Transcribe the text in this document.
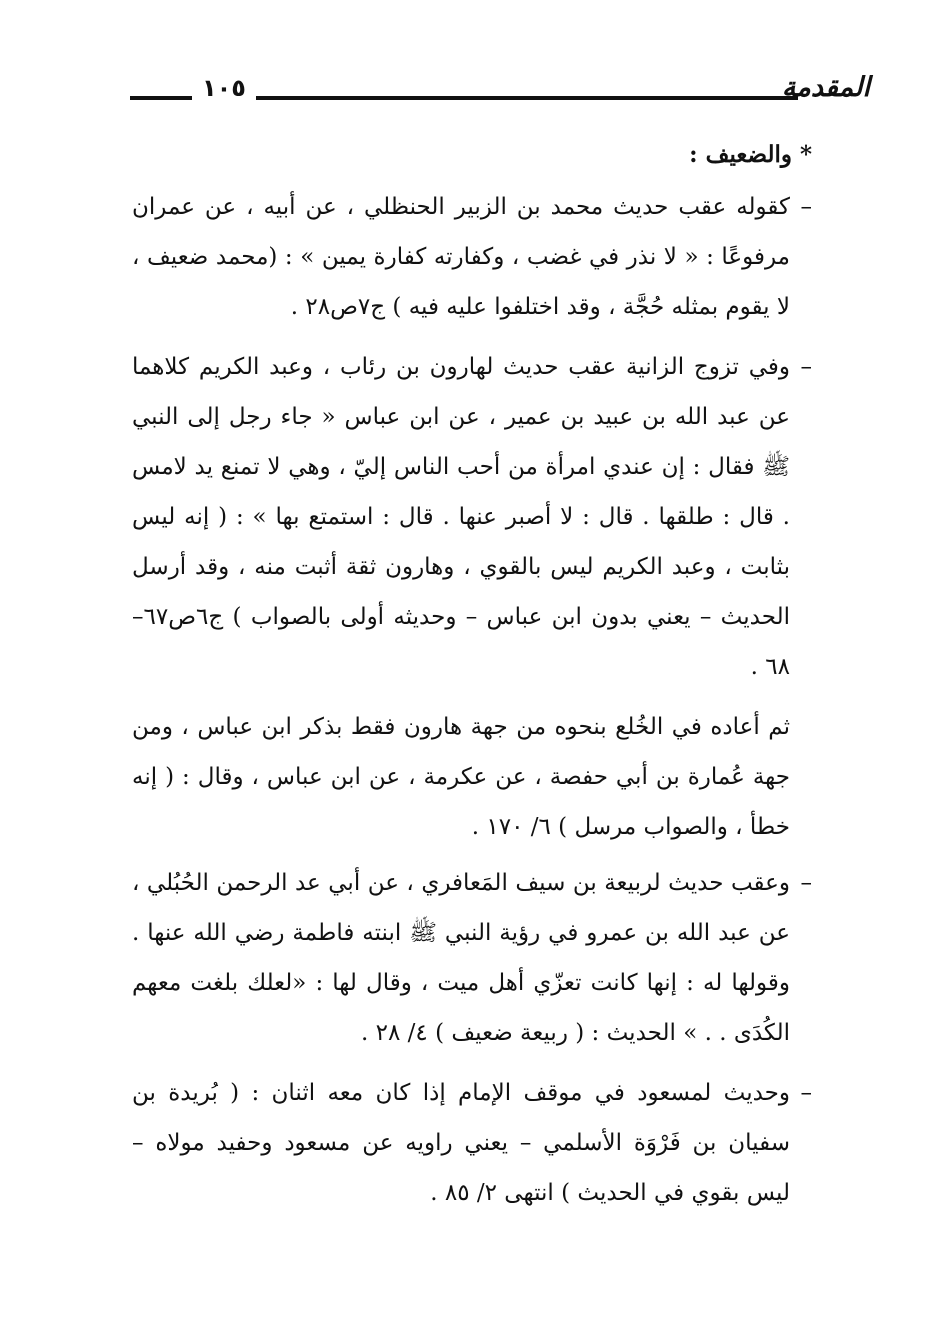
١٠٥	المقدمة

* والضعيف :

–
كقوله عقب حديث محمد بن الزبير الحنظلي ، عن أبيه ، عن عمران مرفوعًا : « لا نذر في غضب ، وكفارته كفارة يمين » : (محمد ضعيف ، لا يقوم بمثله حُجَّة ، وقد اختلفوا عليه فيه ) ج٧ص٢٨ .

–
وفي تزوج الزانية عقب حديث لهارون بن رئاب ، وعبد الكريم كلاهما عن عبد الله بن عبيد بن عمير ، عن ابن عباس « جاء رجل إلى النبي ﷺ فقال : إن عندي امرأة من أحب الناس إليّ ، وهي لا تمنع يد لامس . قال : طلقها . قال : لا أصبر عنها . قال : استمتع بها » : ( إنه ليس بثابت ، وعبد الكريم ليس بالقوي ، وهارون ثقة أثبت منه ، وقد أرسل الحديث – يعني بدون ابن عباس – وحديثه أولى بالصواب ) ج٦ص٦٧–٦٨ .

ثم أعاده في الخُلع بنحوه من جهة هارون فقط بذكر ابن عباس ، ومن جهة عُمارة بن أبي حفصة ، عن عكرمة ، عن ابن عباس ، وقال : ( إنه خطأ ، والصواب مرسل ) ٦/ ١٧٠ .

–
وعقب حديث لربيعة بن سيف المَعافري ، عن أبي عد الرحمن الحُبُلي ، عن عبد الله بن عمرو في رؤية النبي ﷺ ابنته فاطمة رضي الله عنها . وقولها له : إنها كانت تعزّي أهل ميت ، وقال لها : «لعلك بلغت معهم الكُدَى . . » الحديث : ( ربيعة ضعيف ) ٤/ ٢٨ .

–
وحديث لمسعود في موقف الإمام إذا كان معه اثنان : ( بُريدة بن سفيان بن فَرْوَة الأسلمي – يعني راويه عن مسعود وحفيد مولاه – ليس بقوي في الحديث ) انتهى ٢/ ٨٥ .
